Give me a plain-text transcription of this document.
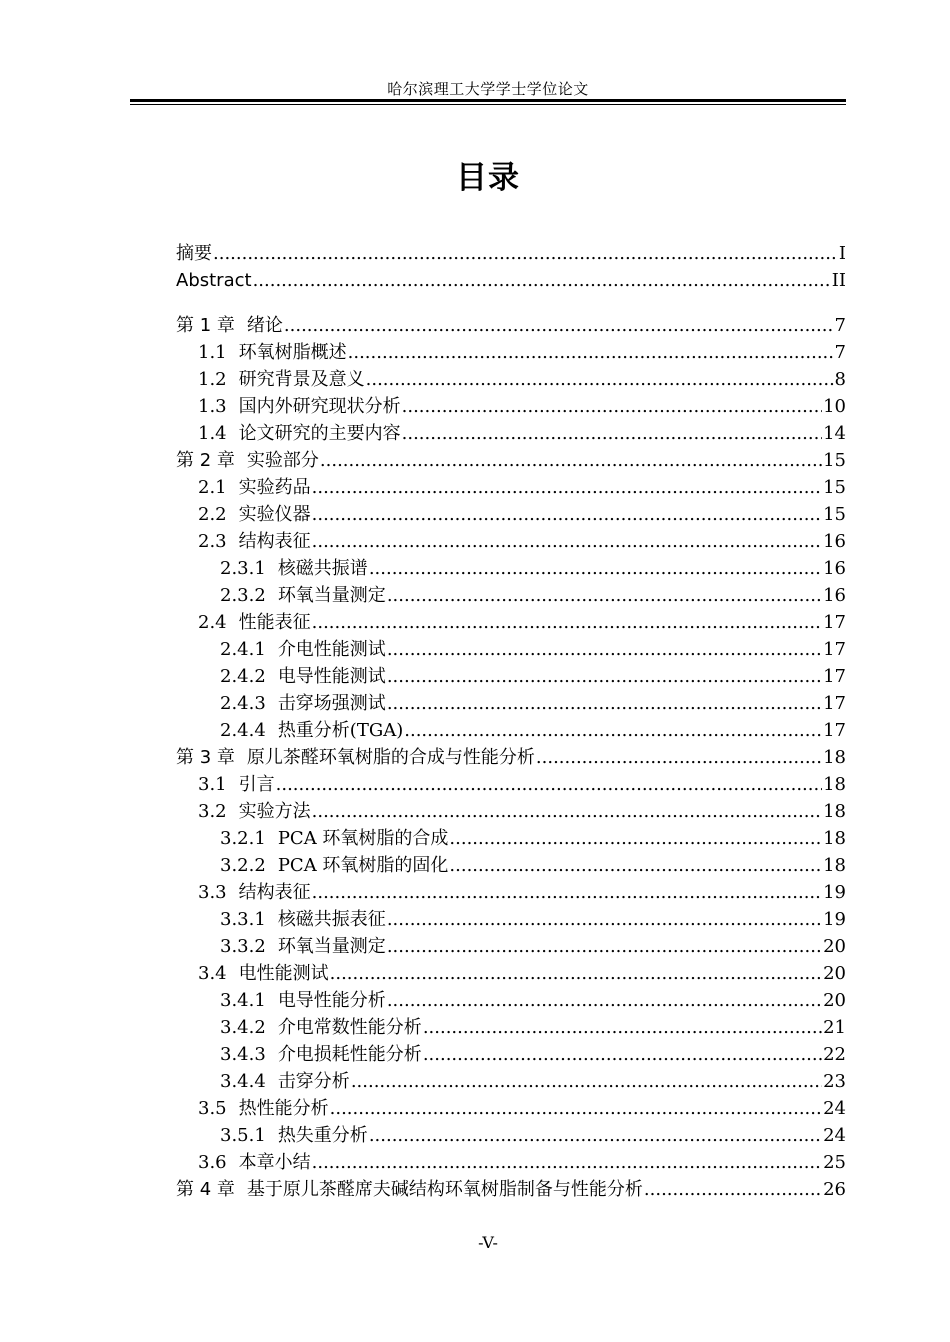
哈尔滨理工大学学士学位论文
目录
摘要 .....	I
Abstract .....	II
第 1 章 绪论 .....	7
1.1 环氧树脂概述 .....	7
1.2 研究背景及意义 .....	8
1.3 国内外研究现状分析 .....	10
1.4 论文研究的主要内容 .....	14
第 2 章 实验部分 .....	15
2.1 实验药品 .....	15
2.2 实验仪器 .....	15
2.3 结构表征 .....	16
2.3.1 核磁共振谱 .....	16
2.3.2 环氧当量测定 .....	16
2.4 性能表征 .....	17
2.4.1 介电性能测试 .....	17
2.4.2 电导性能测试 .....	17
2.4.3 击穿场强测试 .....	17
2.4.4 热重分析(TGA) .....	17
第 3 章 原儿茶醛环氧树脂的合成与性能分析 .....	18
3.1 引言 .....	18
3.2 实验方法 .....	18
3.2.1 PCA 环氧树脂的合成 .....	18
3.2.2 PCA 环氧树脂的固化 .....	18
3.3 结构表征 .....	19
3.3.1 核磁共振表征 .....	19
3.3.2 环氧当量测定 .....	20
3.4 电性能测试 .....	20
3.4.1 电导性能分析 .....	20
3.4.2 介电常数性能分析 .....	21
3.4.3 介电损耗性能分析 .....	22
3.4.4 击穿分析 .....	23
3.5 热性能分析 .....	24
3.5.1 热失重分析 .....	24
3.6 本章小结 .....	25
第 4 章 基于原儿茶醛席夫碱结构环氧树脂制备与性能分析 .....	26
-V-
